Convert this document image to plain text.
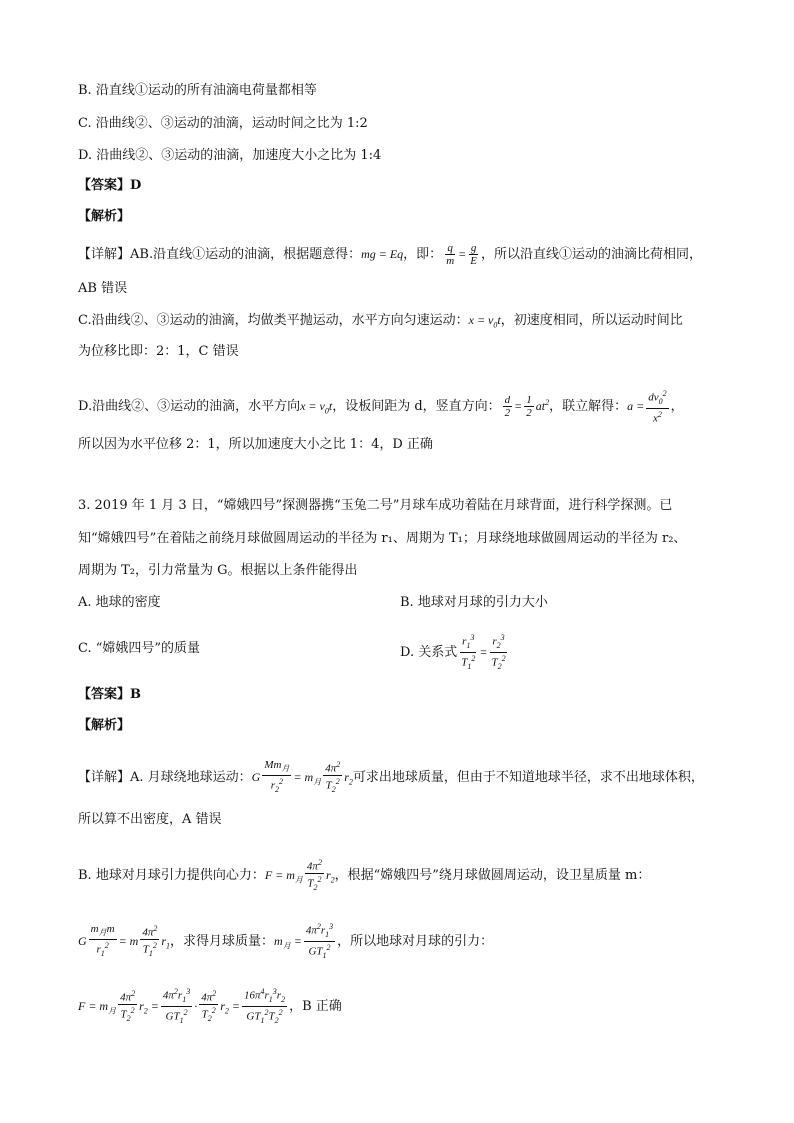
B. 沿直线①运动的所有油滴电荷量都相等
C. 沿曲线②、③运动的油滴，运动时间之比为 1:2
D. 沿曲线②、③运动的油滴，加速度大小之比为 1:4
【答案】D
【解析】
【详解】AB.沿直线①运动的油滴，根据题意得：mg = Eq，即： $\frac{q}{m} = \frac{g}{E}$ ，所以沿直线①运动的油滴比荷相同，
AB 错误
C.沿曲线②、③运动的油滴，均做类平抛运动，水平方向匀速运动：$x = v_0t$，初速度相同，所以运动时间比
为位移比即：2：1，C 错误
D.沿曲线②、③运动的油滴，水平方向$x = v_0t$，设板间距为 d，竖直方向： $\frac{d}{2} = \frac{1}{2} at^2$，联立解得：$a = \frac{dv_0^2}{x^2}$ ，
所以因为水平位移 2：1，所以加速度大小之比 1：4，D 正确
3. 2019 年 1 月 3 日，“嫦娥四号”探测器携“玉兔二号”月球车成功着陆在月球背面，进行科学探测。已
知“嫦娥四号”在着陆之前绕月球做圆周运动的半径为 r₁、周期为 T₁；月球绕地球做圆周运动的半径为 r₂、
周期为 T₂，引力常量为 G。根据以上条件能得出
A. 地球的密度	B. 地球对月球的引力大小
C. “嫦娥四号”的质量	D. 关系式 $\frac{r_1^3}{T_1^2} = \frac{r_2^3}{T_2^2}$
【答案】B
【解析】
【详解】A. 月球绕地球运动：G $\frac{Mm_月}{r_2^2} = m_月 \frac{4\pi^2}{T_2^2} r_2$可求出地球质量，但由于不知道地球半径，求不出地球体积，
所以算不出密度，A 错误
B. 地球对月球引力提供向心力：$F = m_月 \frac{4\pi^2}{T_2^2} r_2$，根据“嫦娥四号”绕月球做圆周运动，设卫星质量 m：
G $\frac{m_月m}{r_1^2} = m \frac{4\pi^2}{T_1^2} r_1$，求得月球质量：$m_月 = \frac{4\pi^2r_1^3}{GT_1^2}$ ，所以地球对月球的引力：
$F = m_月 \frac{4\pi^2}{T_2^2} r_2 = \frac{4\pi^2r_1^3}{GT_1^2} \cdot \frac{4\pi^2}{T_2^2} r_2 = \frac{16\pi^4r_1^3r_2}{GT_1^2T_2^2}$ ，B 正确
